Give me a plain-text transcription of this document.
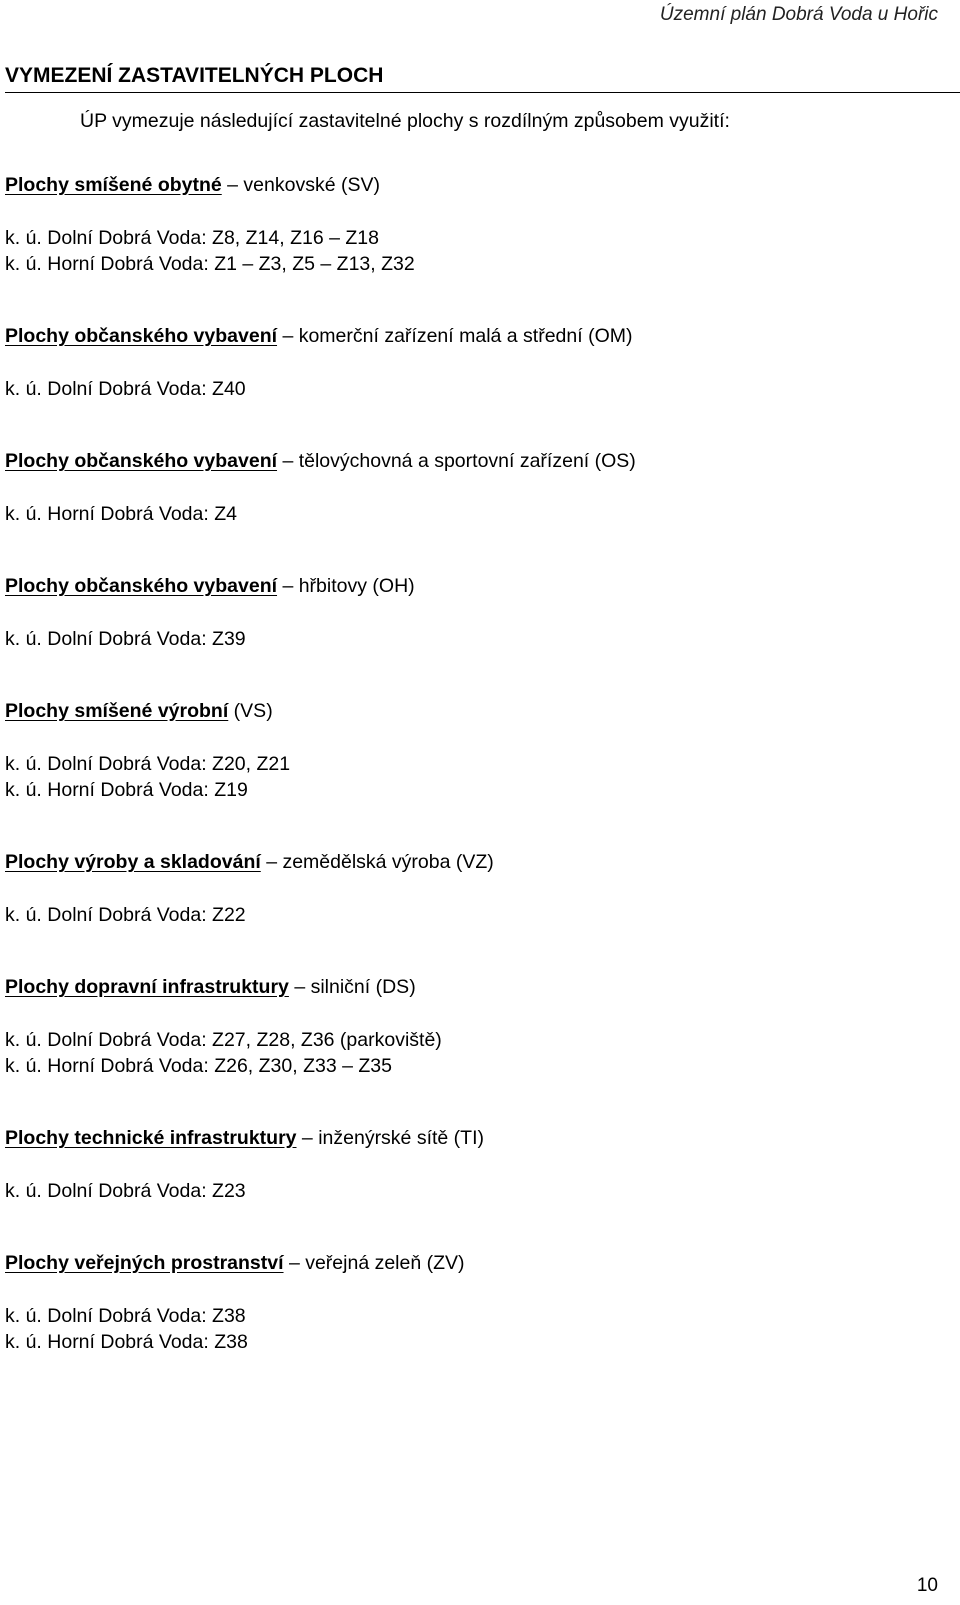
Územní plán Dobrá Voda u Hořic
VYMEZENÍ ZASTAVITELNÝCH PLOCH
ÚP vymezuje následující zastavitelné plochy s rozdílným způsobem využití:
Plochy smíšené obytné – venkovské (SV)
k. ú. Dolní Dobrá Voda: Z8, Z14, Z16 – Z18
k. ú. Horní Dobrá Voda: Z1 – Z3, Z5 – Z13, Z32
Plochy občanského vybavení – komerční zařízení malá a střední (OM)
k. ú. Dolní Dobrá Voda: Z40
Plochy občanského vybavení – tělovýchovná a sportovní zařízení (OS)
k. ú. Horní Dobrá Voda: Z4
Plochy občanského vybavení – hřbitovy (OH)
k. ú. Dolní Dobrá Voda: Z39
Plochy smíšené výrobní (VS)
k. ú. Dolní Dobrá Voda: Z20, Z21
k. ú. Horní Dobrá Voda: Z19
Plochy výroby a skladování – zemědělská výroba (VZ)
k. ú. Dolní Dobrá Voda: Z22
Plochy dopravní infrastruktury – silniční (DS)
k. ú. Dolní Dobrá Voda: Z27, Z28, Z36 (parkoviště)
k. ú. Horní Dobrá Voda: Z26, Z30, Z33 – Z35
Plochy technické infrastruktury – inženýrské sítě (TI)
k. ú. Dolní Dobrá Voda: Z23
Plochy veřejných prostranství – veřejná zeleň (ZV)
k. ú. Dolní Dobrá Voda: Z38
k. ú. Horní Dobrá Voda: Z38
10
